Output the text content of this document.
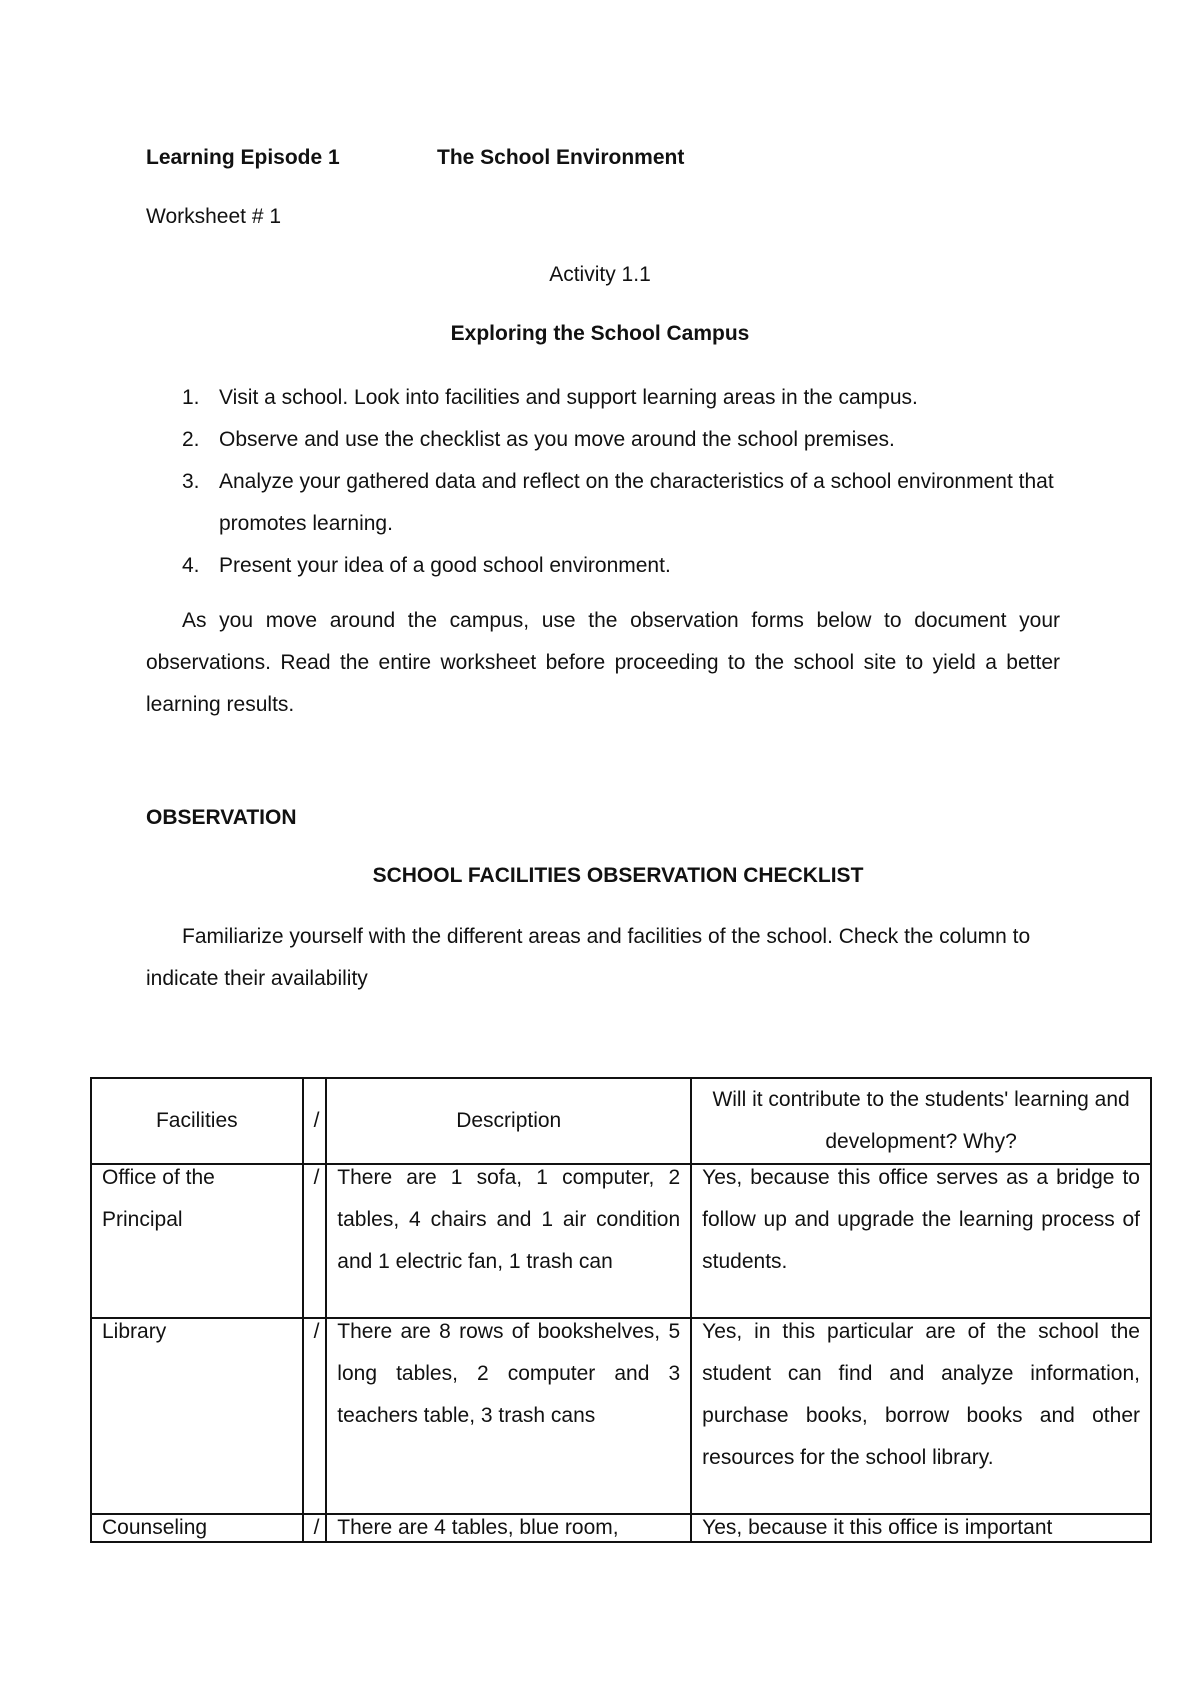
Learning Episode 1	The School Environment
Worksheet # 1
Activity 1.1
Exploring the School Campus
1. Visit a school. Look into facilities and support learning areas in the campus.
2. Observe and use the checklist as you move around the school premises.
3. Analyze your gathered data and reflect on the characteristics of a school environment that promotes learning.
4. Present your idea of a good school environment.
As you move around the campus, use the observation forms below to document your observations. Read the entire worksheet before proceeding to the school site to yield a better learning results.
OBSERVATION
SCHOOL FACILITIES OBSERVATION CHECKLIST
Familiarize yourself with the different areas and facilities of the school. Check the column to indicate their availability
Facilities	/	Description	Will it contribute to the students' learning and development? Why?

Office of the Principal	/	There are 1 sofa, 1 computer, 2 tables, 4 chairs and 1 air condition and 1 electric fan, 1 trash can	Yes, because this office serves as a bridge to follow up and upgrade the learning process of students.

Library	/	There are 8 rows of bookshelves, 5 long tables, 2 computer and 3 teachers table, 3 trash cans	Yes, in this particular are of the school the student can find and analyze information, purchase books, borrow books and other resources for the school library.

Counseling	/	There are 4 tables, blue room,	Yes, because it this office is important
